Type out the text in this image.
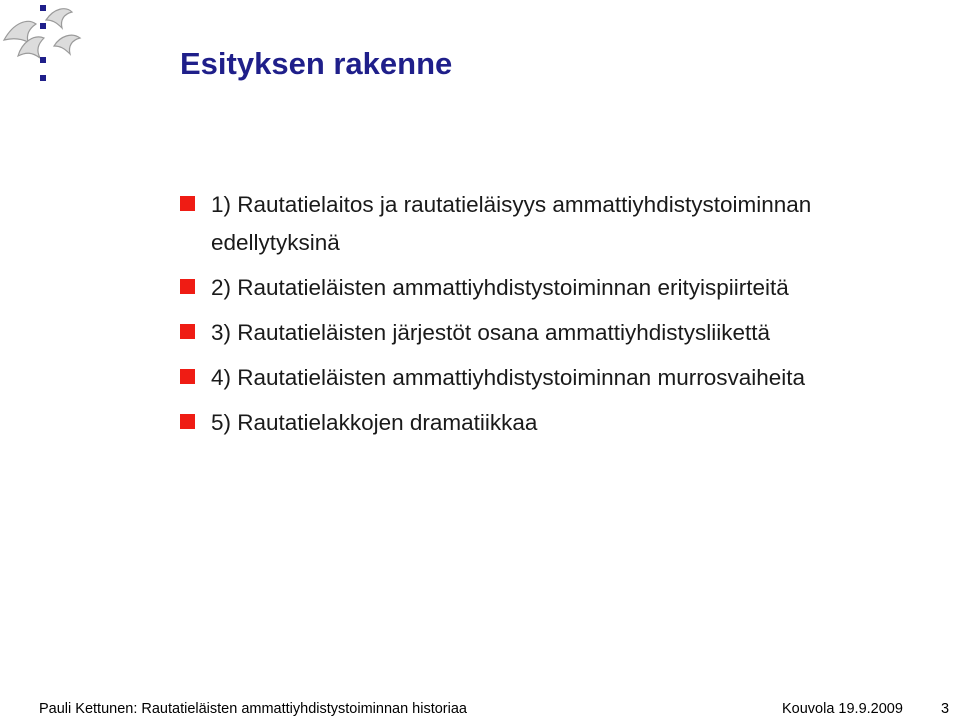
Esityksen rakenne
1) Rautatielaitos ja rautatieläisyys ammattiyhdistystoiminnan edellytyksinä
2) Rautatieläisten ammattiyhdistystoiminnan erityispiirteitä
3) Rautatieläisten järjestöt osana ammattiyhdistysliikettä
4) Rautatieläisten ammattiyhdistystoiminnan murrosvaiheita
5) Rautatielakkojen dramatiikkaa
Pauli Kettunen: Rautatieläisten ammattiyhdistystoiminnan historiaa	Kouvola 19.9.2009	3
